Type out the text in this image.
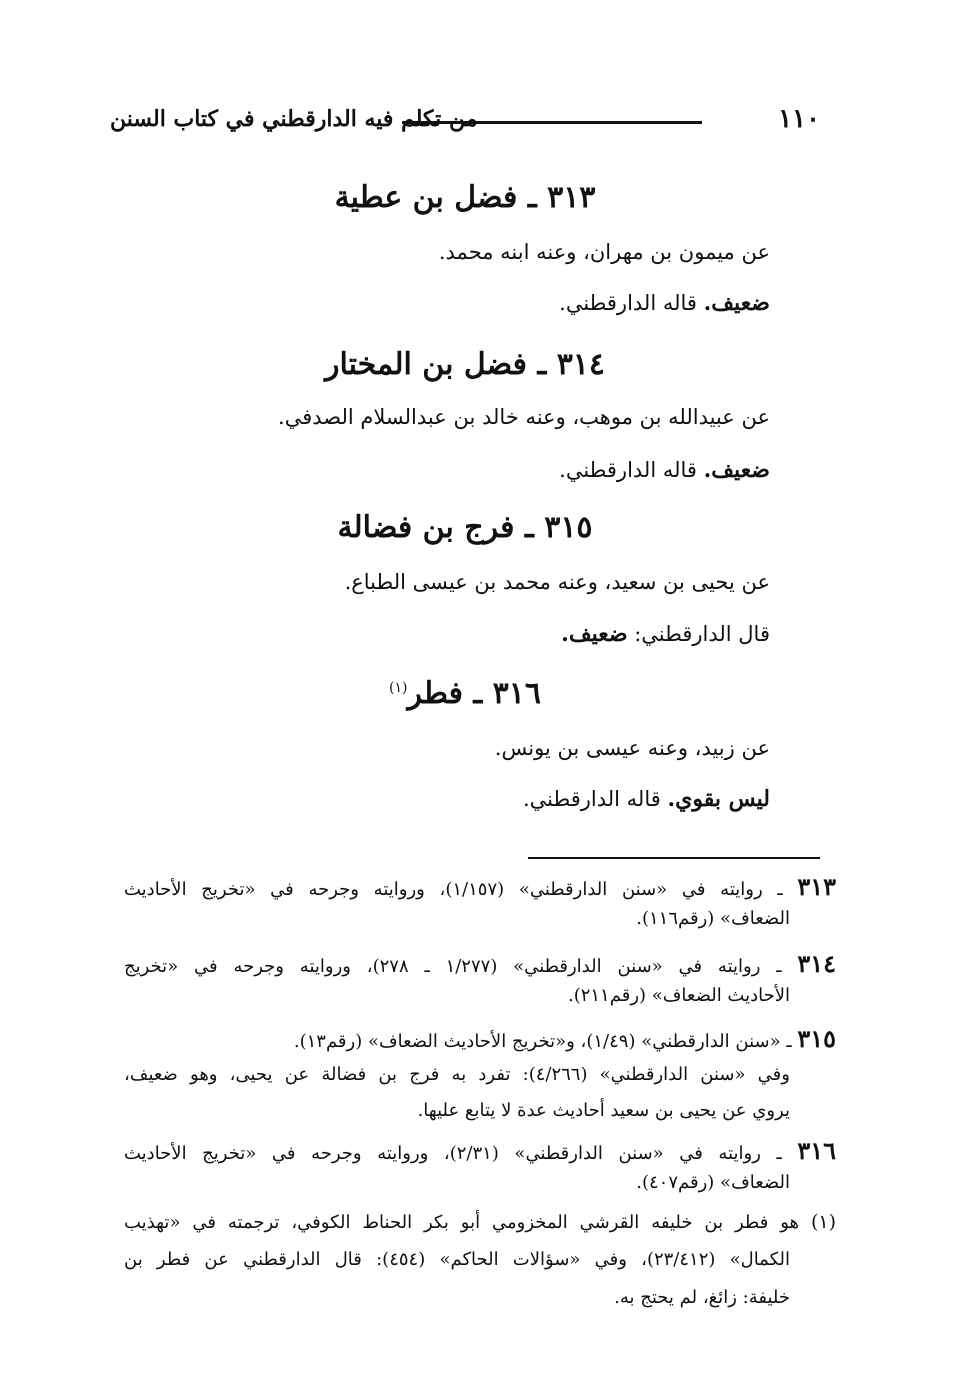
١١٠
من تكلم فيه الدارقطني في كتاب السنن
٣١٣ ـ فضل بن عطية
عن ميمون بن مهران، وعنه ابنه محمد.
ضعيف. قاله الدارقطني.
٣١٤ ـ فضل بن المختار
عن عبيدالله بن موهب، وعنه خالد بن عبدالسلام الصدفي.
ضعيف. قاله الدارقطني.
٣١٥ ـ فرج بن فضالة
عن يحيى بن سعيد، وعنه محمد بن عيسى الطباع.
قال الدارقطني: ضعيف.
٣١٦ ـ فطر$^{(١)}$
عن زبيد، وعنه عيسى بن يونس.
ليس بقوي. قاله الدارقطني.
٣١٣ ـ روايته في «سنن الدارقطني» (١/١٥٧)، وروايته وجرحه في «تخريج الأحاديث
الضعاف» (رقم١١٦).
٣١٤ ـ روايته في «سنن الدارقطني» (١/٢٧٧ ـ ٢٧٨)، وروايته وجرحه في «تخريج
الأحاديث الضعاف» (رقم٢١١).
٣١٥ ـ «سنن الدارقطني» (١/٤٩)، و«تخريج الأحاديث الضعاف» (رقم١٣).
وفي «سنن الدارقطني» (٤/٢٦٦): تفرد به فرج بن فضالة عن يحيى، وهو ضعيف،
يروي عن يحيى بن سعيد أحاديث عدة لا يتابع عليها.
٣١٦ ـ روايته في «سنن الدارقطني» (٢/٣١)، وروايته وجرحه في «تخريج الأحاديث
الضعاف» (رقم٤٠٧).
(١) هو فطر بن خليفه القرشي المخزومي أبو بكر الحناط الكوفي، ترجمته في «تهذيب
الكمال» (٢٣/٤١٢)، وفي «سؤالات الحاكم» (٤٥٤): قال الدارقطني عن فطر بن
خليفة: زائغ، لم يحتج به.
